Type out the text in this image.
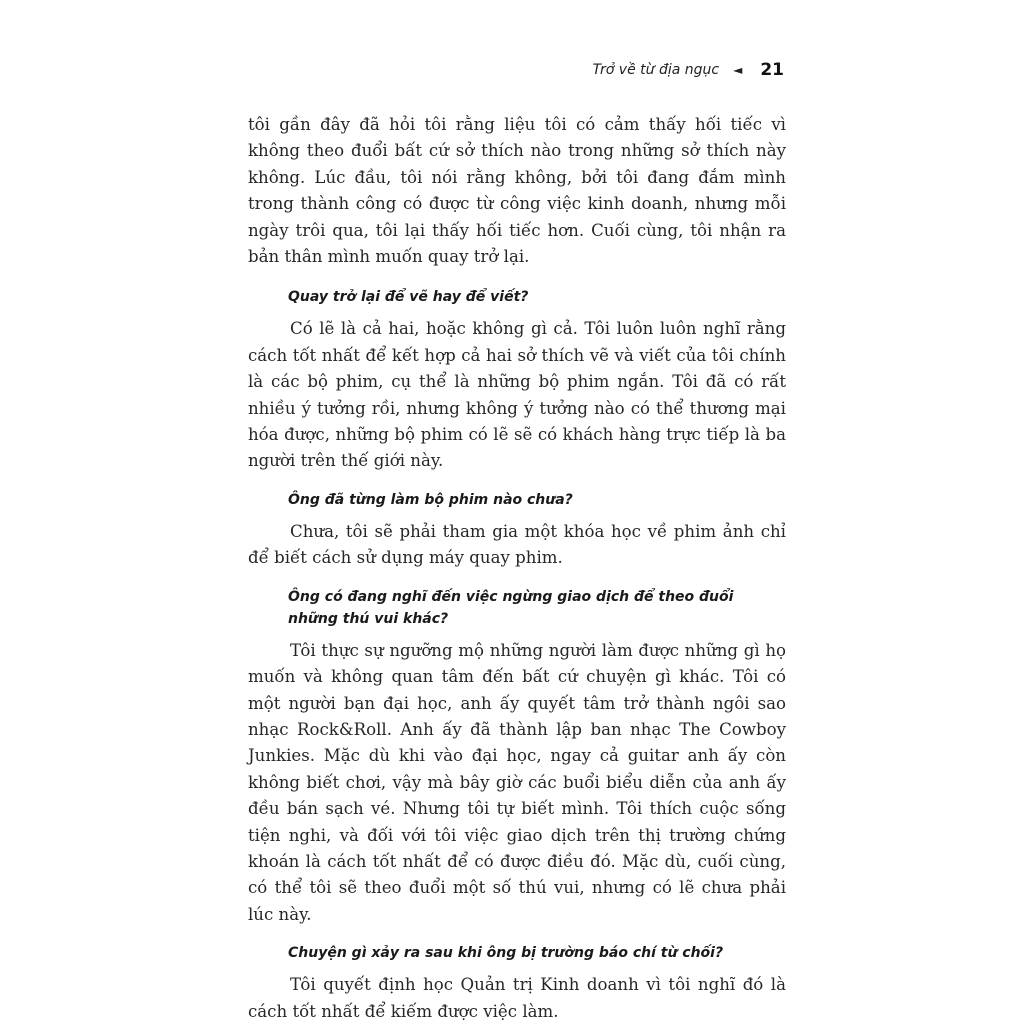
Trở về từ địa ngục ◄ 21

tôi gần đây đã hỏi tôi rằng liệu tôi có cảm thấy hối tiếc vì không theo đuổi bất cứ sở thích nào trong những sở thích này không. Lúc đầu, tôi nói rằng không, bởi tôi đang đắm mình trong thành công có được từ công việc kinh doanh, nhưng mỗi ngày trôi qua, tôi lại thấy hối tiếc hơn. Cuối cùng, tôi nhận ra bản thân mình muốn quay trở lại.

Quay trở lại để vẽ hay để viết?

Có lẽ là cả hai, hoặc không gì cả. Tôi luôn luôn nghĩ rằng cách tốt nhất để kết hợp cả hai sở thích vẽ và viết của tôi chính là các bộ phim, cụ thể là những bộ phim ngắn. Tôi đã có rất nhiều ý tưởng rồi, nhưng không ý tưởng nào có thể thương mại hóa được, những bộ phim có lẽ sẽ có khách hàng trực tiếp là ba người trên thế giới này.

Ông đã từng làm bộ phim nào chưa?

Chưa, tôi sẽ phải tham gia một khóa học về phim ảnh chỉ để biết cách sử dụng máy quay phim.

Ông có đang nghĩ đến việc ngừng giao dịch để theo đuổi những thú vui khác?

Tôi thực sự ngưỡng mộ những người làm được những gì họ muốn và không quan tâm đến bất cứ chuyện gì khác. Tôi có một người bạn đại học, anh ấy quyết tâm trở thành ngôi sao nhạc Rock&Roll. Anh ấy đã thành lập ban nhạc The Cowboy Junkies. Mặc dù khi vào đại học, ngay cả guitar anh ấy còn không biết chơi, vậy mà bây giờ các buổi biểu diễn của anh ấy đều bán sạch vé. Nhưng tôi tự biết mình. Tôi thích cuộc sống tiện nghi, và đối với tôi việc giao dịch trên thị trường chứng khoán là cách tốt nhất để có được điều đó. Mặc dù, cuối cùng, có thể tôi sẽ theo đuổi một số thú vui, nhưng có lẽ chưa phải lúc này.

Chuyện gì xảy ra sau khi ông bị trường báo chí từ chối?

Tôi quyết định học Quản trị Kinh doanh vì tôi nghĩ đó là cách tốt nhất để kiếm được việc làm.
